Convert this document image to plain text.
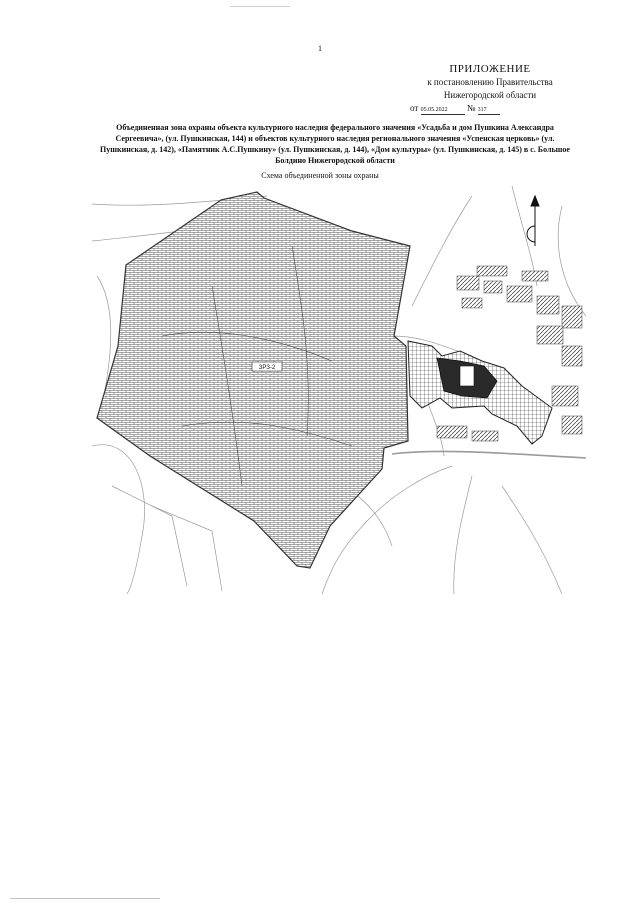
1
ПРИЛОЖЕНИЕ
к постановлению Правительства
Нижегородской области
от 05.05.2022 № 317
Объединенная зона охраны объекта культурного наследия федерального значения «Усадьба и дом Пушкина Александра Сергеевича», (ул. Пушкинская, 144) и объектов культурного наследия регионального значения «Успенская церковь» (ул. Пушкинская, д. 142), «Памятник А.С.Пушкину» (ул. Пушкинская, д. 144), «Дом культуры» (ул. Пушкинская, д. 145) в с. Большое Болдино Нижегородской области
Схема объединенной зоны охраны
ЗРЗ-2
